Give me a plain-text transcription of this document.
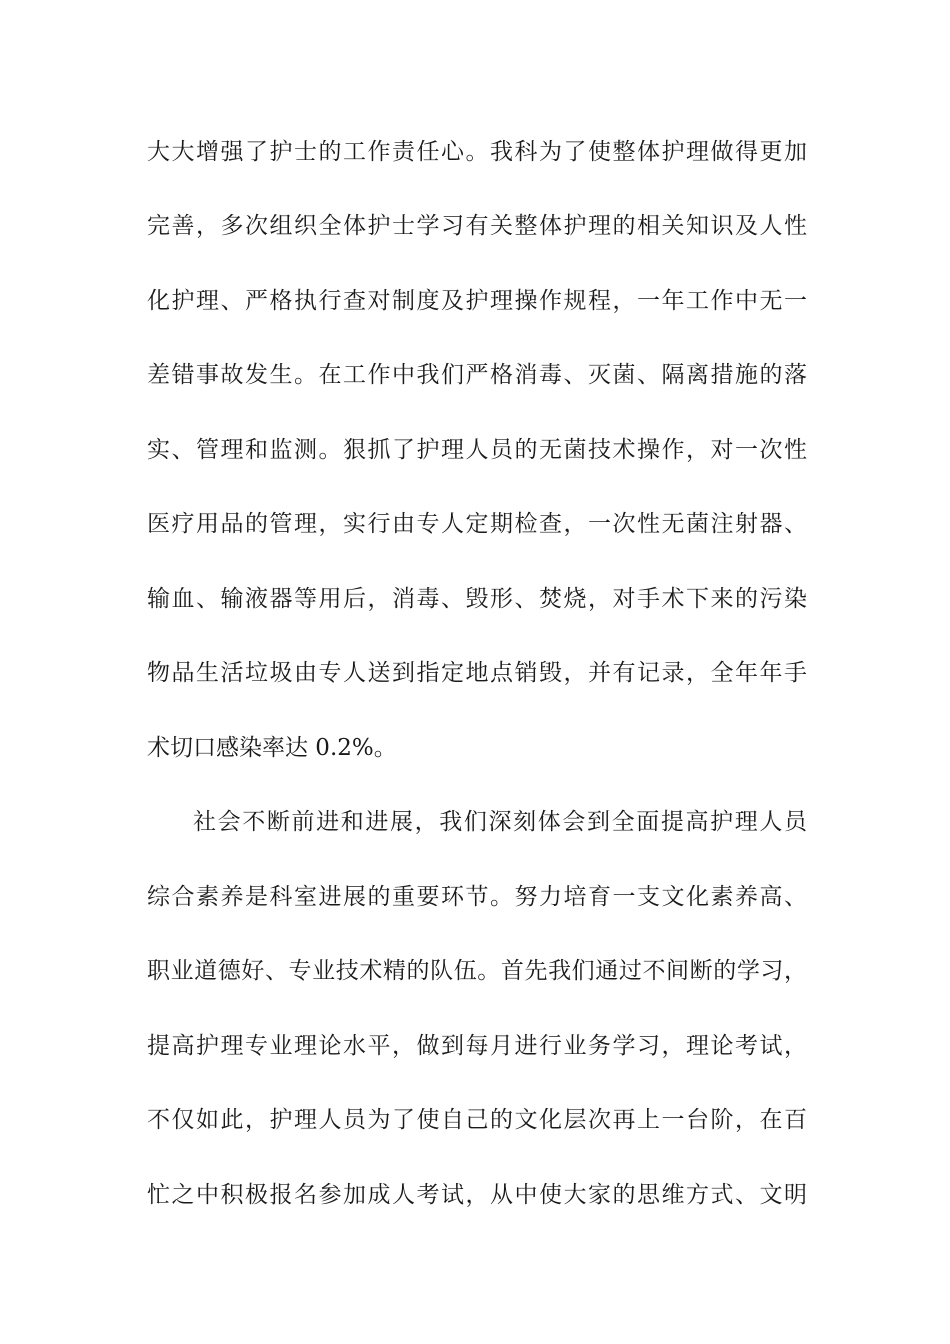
大大增强了护士的工作责任心。我科为了使整体护理做得更加
完善，多次组织全体护士学习有关整体护理的相关知识及人性
化护理、严格执行查对制度及护理操作规程，一年工作中无一
差错事故发生。在工作中我们严格消毒、灭菌、隔离措施的落
实、管理和监测。狠抓了护理人员的无菌技术操作，对一次性
医疗用品的管理，实行由专人定期检查，一次性无菌注射器、
输血、输液器等用后，消毒、毁形、焚烧，对手术下来的污染
物品生活垃圾由专人送到指定地点销毁，并有记录，全年年手
术切口感染率达 0.2%。
社会不断前进和进展，我们深刻体会到全面提高护理人员
综合素养是科室进展的重要环节。努力培育一支文化素养高、
职业道德好、专业技术精的队伍。首先我们通过不间断的学习，
提高护理专业理论水平，做到每月进行业务学习，理论考试，
不仅如此，护理人员为了使自己的文化层次再上一台阶，在百
忙之中积极报名参加成人考试，从中使大家的思维方式、文明
